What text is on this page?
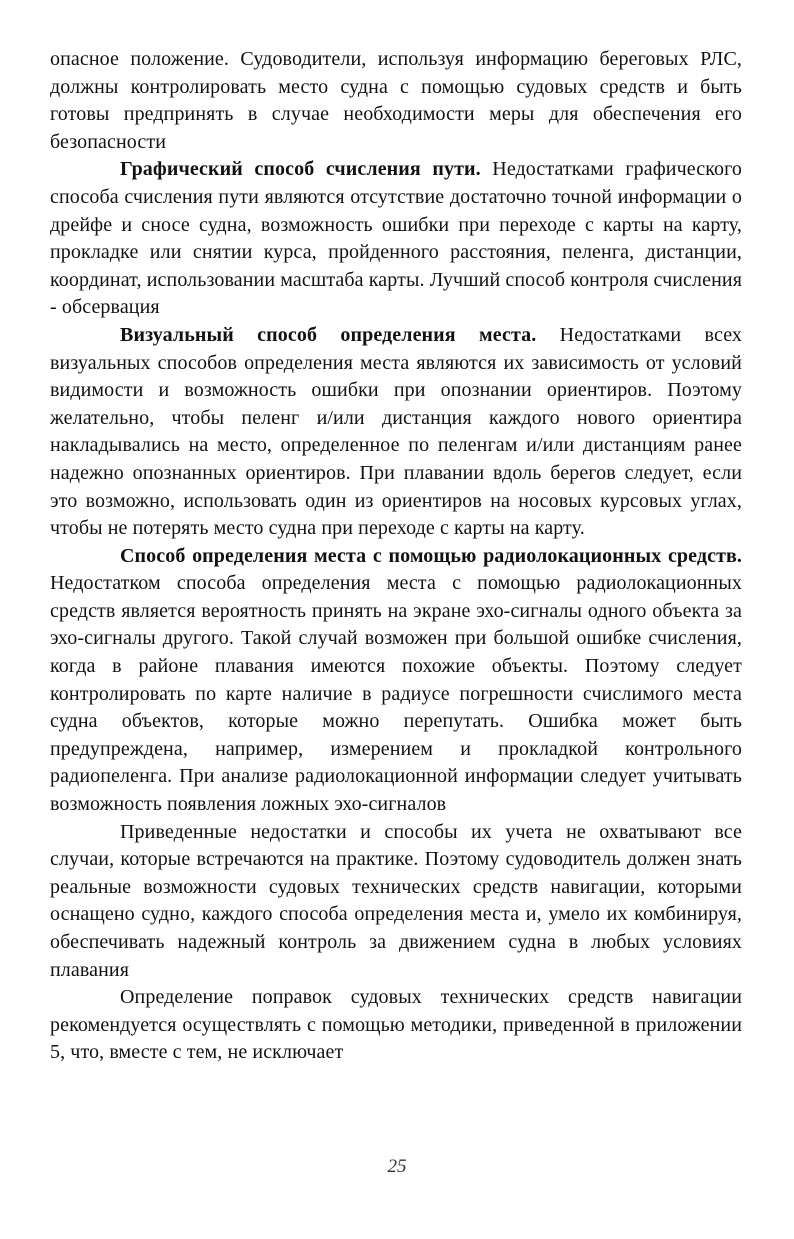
опасное положение. Судоводители, используя информацию береговых РЛС, должны контролировать место судна с помощью судовых средств и быть готовы предпринять в случае необходимости меры для обеспечения его безопасности

Графический способ счисления пути. Недостатками графического способа счисления пути являются отсутствие достаточно точной информации о дрейфе и сносе судна, возможность ошибки при переходе с карты на карту, прокладке или снятии курса, пройденного расстояния, пеленга, дистанции, координат, использовании масштаба карты. Лучший способ контроля счисления - обсервация

Визуальный способ определения места. Недостатками всех визуальных способов определения места являются их зависимость от условий видимости и возможность ошибки при опознании ориентиров. Поэтому желательно, чтобы пеленг и/или дистанция каждого нового ориентира накладывались на место, определенное по пеленгам и/или дистанциям ранее надежно опознанных ориентиров. При плавании вдоль берегов следует, если это возможно, использовать один из ориентиров на носовых курсовых углах, чтобы не потерять место судна при переходе с карты на карту.

Способ определения места с помощью радиолокационных средств. Недостатком способа определения места с помощью радиолокационных средств является вероятность принять на экране эхо-сигналы одного объекта за эхо-сигналы другого. Такой случай возможен при большой ошибке счисления, когда в районе плавания имеются похожие объекты. Поэтому следует контролировать по карте наличие в радиусе погрешности счислимого места судна объектов, которые можно перепутать. Ошибка может быть предупреждена, например, измерением и прокладкой контрольного радиопеленга. При анализе радиолокационной информации следует учитывать возможность появления ложных эхо-сигналов

Приведенные недостатки и способы их учета не охватывают все случаи, которые встречаются на практике. Поэтому судоводитель должен знать реальные возможности судовых технических средств навигации, которыми оснащено судно, каждого способа определения места и, умело их комбинируя, обеспечивать надежный контроль за движением судна в любых условиях плавания

Определение поправок судовых технических средств навигации рекомендуется осуществлять с помощью методики, приведенной в приложении 5, что, вместе с тем, не исключает

25
